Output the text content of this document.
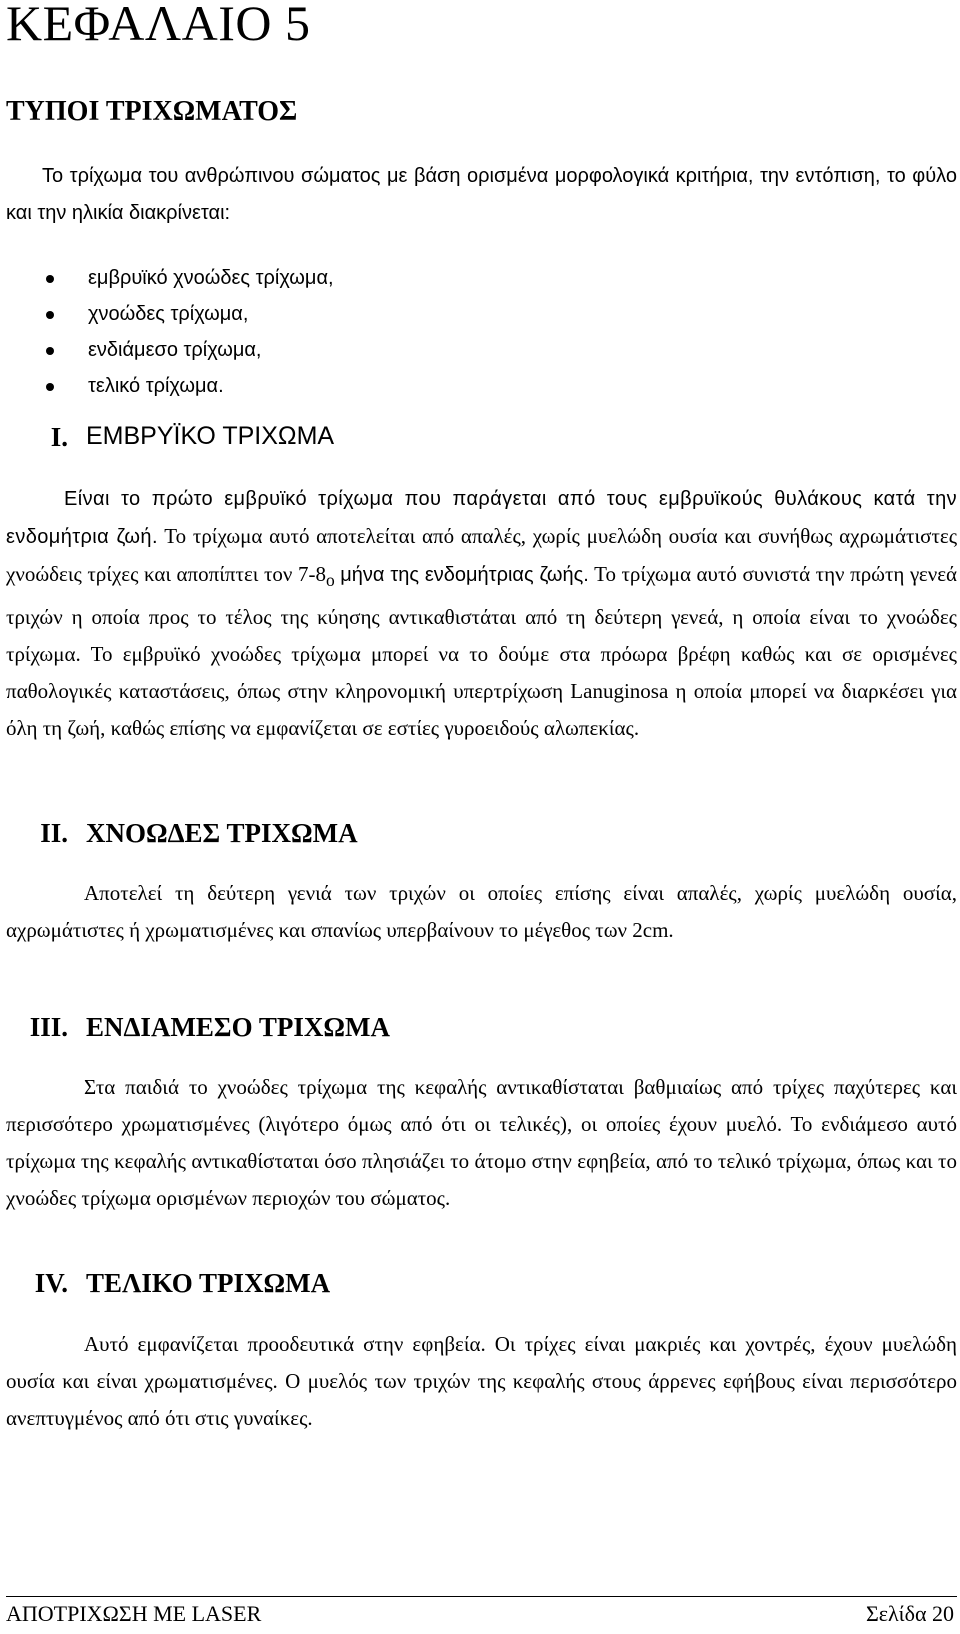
ΚΕΦΑΛΑΙΟ 5
ΤΥΠΟΙ ΤΡΙΧΩΜΑΤΟΣ

Το τρίχωμα του ανθρώπινου σώματος με βάση ορισμένα μορφολογικά κριτήρια, την εντόπιση, το φύλο και την ηλικία διακρίνεται:

εμβρυϊκό χνοώδες τρίχωμα,
χνοώδες τρίχωμα,
ενδιάμεσο τρίχωμα,
τελικό τρίχωμα.
I. ΕΜΒΡΥΪΚΟ ΤΡΙΧΩΜΑ

Είναι το πρώτο εμβρυϊκό τρίχωμα που παράγεται από τους εμβρυϊκούς θυλάκους κατά την ενδομήτρια ζωή. Το τρίχωμα αυτό αποτελείται από απαλές, χωρίς μυελώδη ουσία και συνήθως αχρωμάτιστες χνοώδεις τρίχες και αποπίπτει τον $7-8_o$ μήνα της ενδομήτριας ζωής. Το τρίχωμα αυτό συνιστά την πρώτη γενεά τριχών η οποία προς το τέλος της κύησης αντικαθιστάται από τη δεύτερη γενεά, η οποία είναι το χνοώδες τρίχωμα. Το εμβρυϊκό χνοώδες τρίχωμα μπορεί να το δούμε στα πρόωρα βρέφη καθώς και σε ορισμένες παθολογικές καταστάσεις, όπως στην κληρονομική υπερτρίχωση Lanuginosa η οποία μπορεί να διαρκέσει για όλη τη ζωή, καθώς επίσης να εμφανίζεται σε εστίες γυροειδούς αλωπεκίας.

II. ΧΝΟΩΔΕΣ ΤΡΙΧΩΜΑ

Αποτελεί τη δεύτερη γενιά των τριχών οι οποίες επίσης είναι απαλές, χωρίς μυελώδη ουσία, αχρωμάτιστες ή χρωματισμένες και σπανίως υπερβαίνουν το μέγεθος των 2cm.

III. ΕΝΔΙΑΜΕΣΟ ΤΡΙΧΩΜΑ

Στα παιδιά το χνοώδες τρίχωμα της κεφαλής αντικαθίσταται βαθμιαίως από τρίχες παχύτερες και περισσότερο χρωματισμένες (λιγότερο όμως από ότι οι τελικές), οι οποίες έχουν μυελό. Το ενδιάμεσο αυτό τρίχωμα της κεφαλής αντικαθίσταται όσο πλησιάζει το άτομο στην εφηβεία, από το τελικό τρίχωμα, όπως και το χνοώδες τρίχωμα ορισμένων περιοχών του σώματος.

IV. ΤΕΛΙΚΟ ΤΡΙΧΩΜΑ

Αυτό εμφανίζεται προοδευτικά στην εφηβεία. Οι τρίχες είναι μακριές και χοντρές, έχουν μυελώδη ουσία και είναι χρωματισμένες. Ο μυελός των τριχών της κεφαλής στους άρρενες εφήβους είναι περισσότερο ανεπτυγμένος από ότι στις γυναίκες.

ΑΠΟΤΡΙΧΩΣΗ ΜΕ LASER	Σελίδα 20
